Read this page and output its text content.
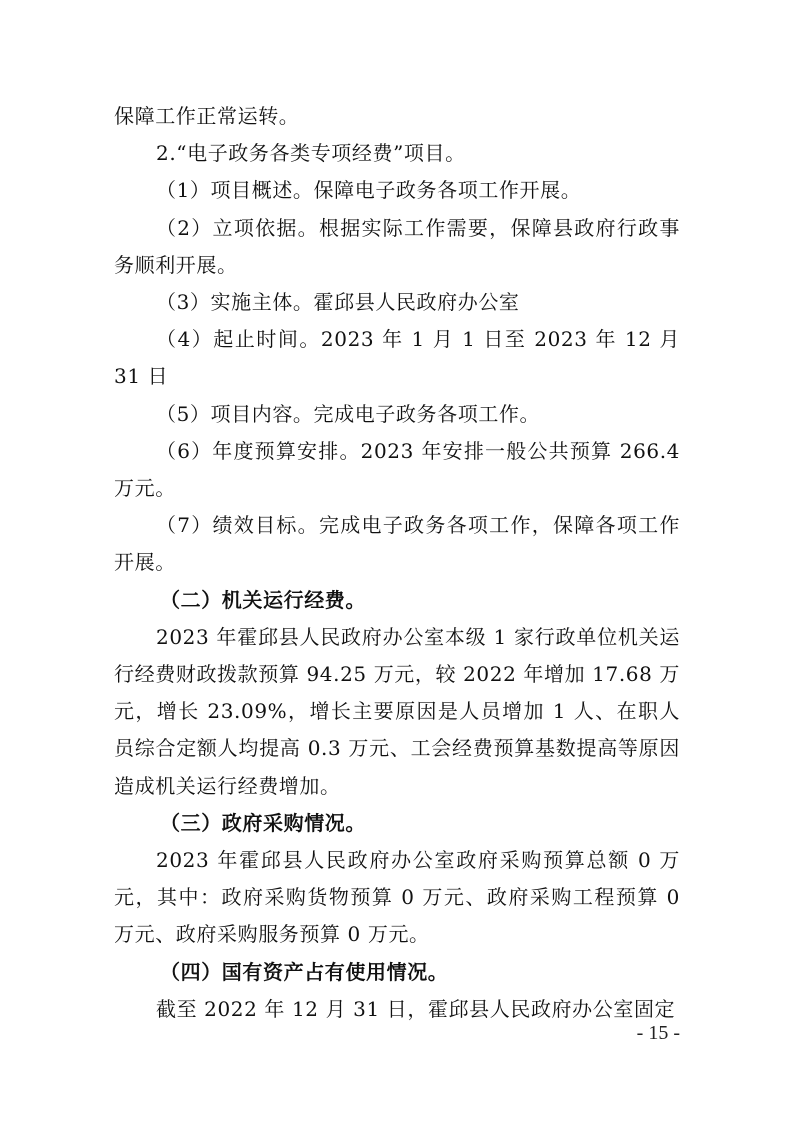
保障工作正常运转。

2.“电子政务各类专项经费”项目。

（1）项目概述。保障电子政务各项工作开展。

（2）立项依据。根据实际工作需要，保障县政府行政事务顺利开展。

（3）实施主体。霍邱县人民政府办公室

（4）起止时间。2023 年 1 月 1 日至 2023 年 12 月 31 日

（5）项目内容。完成电子政务各项工作。

（6）年度预算安排。2023 年安排一般公共预算 266.4 万元。

（7）绩效目标。完成电子政务各项工作，保障各项工作开展。

（二）机关运行经费。

2023 年霍邱县人民政府办公室本级 1 家行政单位机关运行经费财政拨款预算 94.25 万元，较 2022 年增加 17.68 万元，增长 23.09%，增长主要原因是人员增加 1 人、在职人员综合定额人均提高 0.3 万元、工会经费预算基数提高等原因造成机关运行经费增加。

（三）政府采购情况。

2023 年霍邱县人民政府办公室政府采购预算总额 0 万元，其中：政府采购货物预算 0 万元、政府采购工程预算 0 万元、政府采购服务预算 0 万元。

（四）国有资产占有使用情况。

截至 2022 年 12 月 31 日，霍邱县人民政府办公室固定

- 15 -
